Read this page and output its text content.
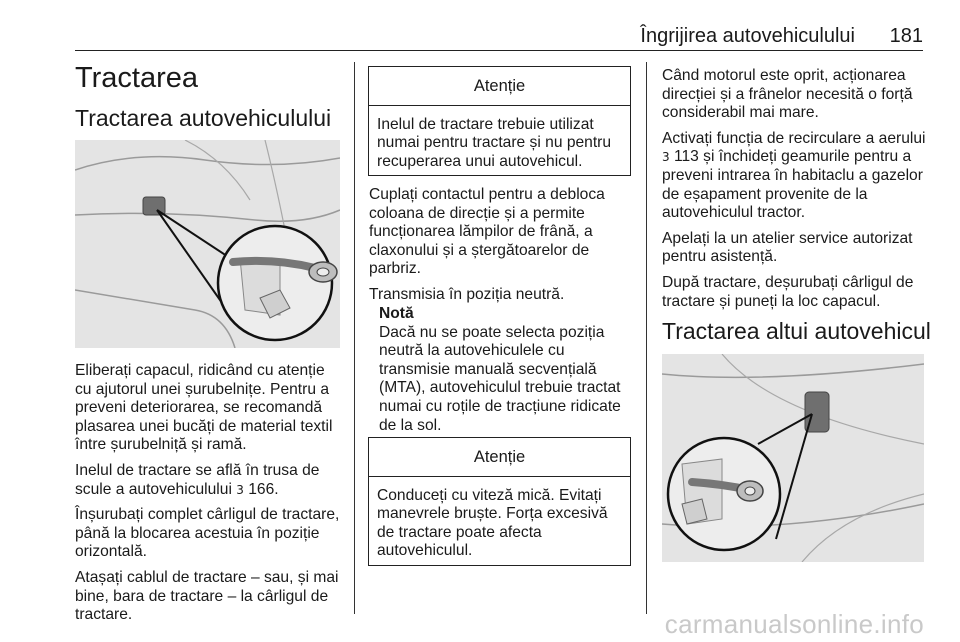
Îngrijirea autovehiculului 181
Tractarea
Tractarea autovehiculului

Eliberați capacul, ridicând cu atenție cu ajutorul unei șurubelnițe. Pentru a preveni deteriorarea, se recomandă plasarea unei bucăți de material textil între șurubelniță și ramă.

Inelul de tractare se află în trusa de scule a autovehiculului 3 166.

Înșurubați complet cârligul de tractare, până la blocarea acestuia în poziție orizontală.

Atașați cablul de tractare – sau, și mai bine, bara de tractare – la cârligul de tractare.

Atenție
Inelul de tractare trebuie utilizat numai pentru tractare și nu pentru recuperarea unui autovehicul.

Cuplați contactul pentru a debloca coloana de direcție și a permite funcționarea lămpilor de frână, a claxonului și a ștergătoarelor de parbriz.

Transmisia în poziția neutră.

Notă
Dacă nu se poate selecta poziția neutră la autovehiculele cu transmisie manuală secvențială (MTA), autovehiculul trebuie tractat numai cu roțile de tracțiune ridicate de la sol.
Atenție
Conduceți cu viteză mică. Evitați manevrele bruște. Forța excesivă de tractare poate afecta autovehiculul.

Când motorul este oprit, acționarea direcției și a frânelor necesită o forță considerabil mai mare.

Activați funcția de recirculare a aerului 3 113 și închideți geamurile pentru a preveni intrarea în habitaclu a gazelor de eșapament provenite de la autovehiculul tractor.

Apelați la un atelier service autorizat pentru asistență.

După tractare, deșurubați cârligul de tractare și puneți la loc capacul.

Tractarea altui autovehicul
carmanualsonline.info
